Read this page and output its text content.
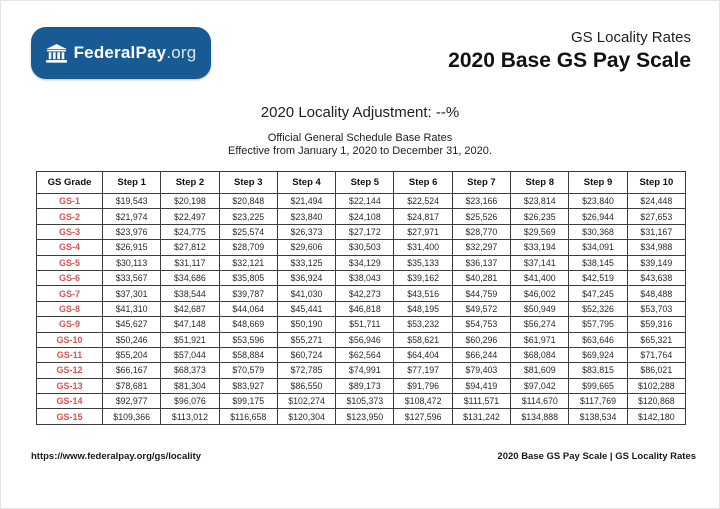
FederalPay.org
GS Locality Rates
2020 Base GS Pay Scale
2020 Locality Adjustment: --%
Official General Schedule Base Rates
Effective from January 1, 2020 to December 31, 2020.
GS Grade	Step 1	Step 2	Step 3	Step 4	Step 5	Step 6	Step 7	Step 8	Step 9	Step 10
GS-1	$19,543	$20,198	$20,848	$21,494	$22,144	$22,524	$23,166	$23,814	$23,840	$24,448
GS-2	$21,974	$22,497	$23,225	$23,840	$24,108	$24,817	$25,526	$26,235	$26,944	$27,653
GS-3	$23,976	$24,775	$25,574	$26,373	$27,172	$27,971	$28,770	$29,569	$30,368	$31,167
GS-4	$26,915	$27,812	$28,709	$29,606	$30,503	$31,400	$32,297	$33,194	$34,091	$34,988
GS-5	$30,113	$31,117	$32,121	$33,125	$34,129	$35,133	$36,137	$37,141	$38,145	$39,149
GS-6	$33,567	$34,686	$35,805	$36,924	$38,043	$39,162	$40,281	$41,400	$42,519	$43,638
GS-7	$37,301	$38,544	$39,787	$41,030	$42,273	$43,516	$44,759	$46,002	$47,245	$48,488
GS-8	$41,310	$42,687	$44,064	$45,441	$46,818	$48,195	$49,572	$50,949	$52,326	$53,703
GS-9	$45,627	$47,148	$48,669	$50,190	$51,711	$53,232	$54,753	$56,274	$57,795	$59,316
GS-10	$50,246	$51,921	$53,596	$55,271	$56,946	$58,621	$60,296	$61,971	$63,646	$65,321
GS-11	$55,204	$57,044	$58,884	$60,724	$62,564	$64,404	$66,244	$68,084	$69,924	$71,764
GS-12	$66,167	$68,373	$70,579	$72,785	$74,991	$77,197	$79,403	$81,609	$83,815	$86,021
GS-13	$78,681	$81,304	$83,927	$86,550	$89,173	$91,796	$94,419	$97,042	$99,665	$102,288
GS-14	$92,977	$96,076	$99,175	$102,274	$105,373	$108,472	$111,571	$114,670	$117,769	$120,868
GS-15	$109,366	$113,012	$116,658	$120,304	$123,950	$127,596	$131,242	$134,888	$138,534	$142,180
https://www.federalpay.org/gs/locality	2020 Base GS Pay Scale | GS Locality Rates
